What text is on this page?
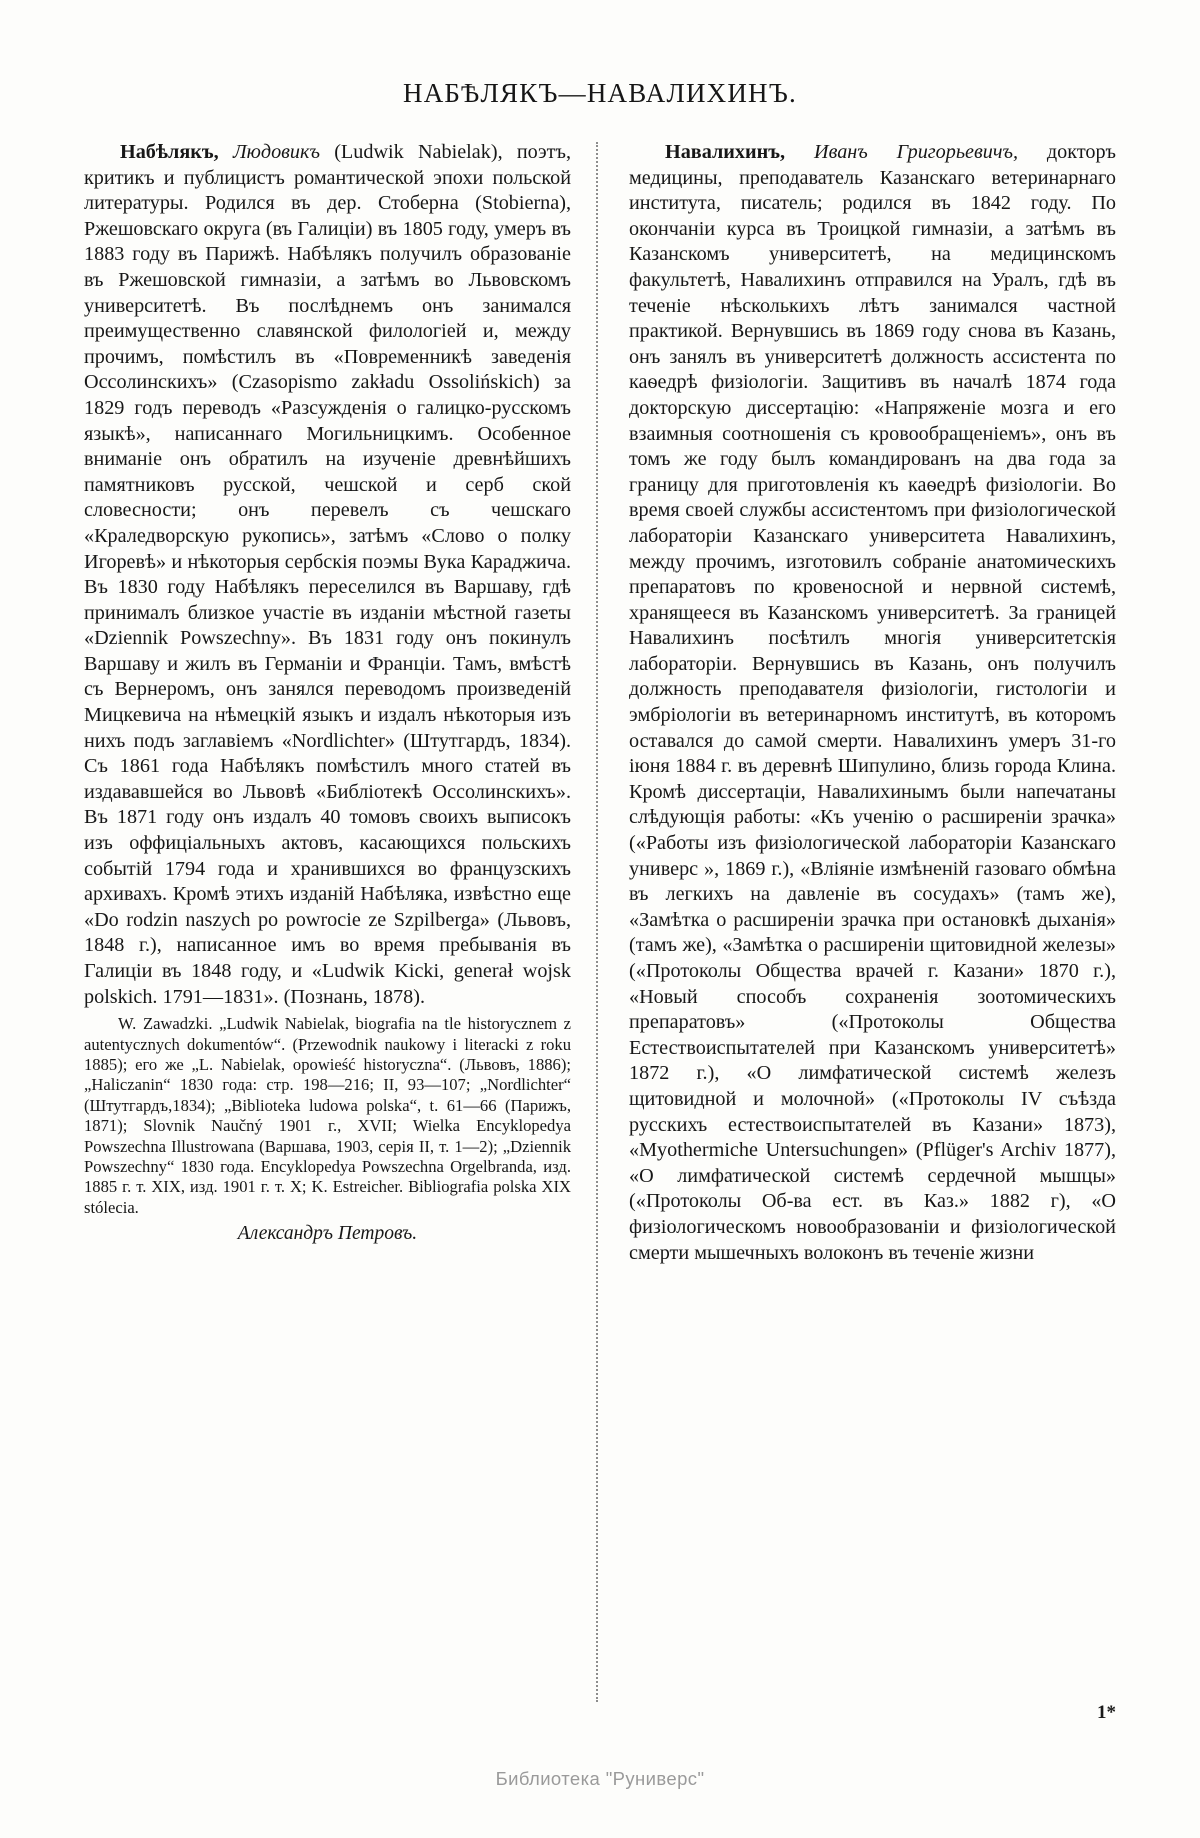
НАБѢЛЯКЪ—НАВАЛИХИНЪ.

Набѣлякъ, Людовикъ (Ludwik Nabielak), поэтъ, критикъ и публицистъ романтической эпохи польской литературы. Родился въ дер. Стоберна (Stobierna), Ржешовскаго округа (въ Галиціи) въ 1805 году, умеръ въ 1883 году въ Парижѣ. Набѣлякъ получилъ образованіе въ Ржешовской гимназіи, а затѣмъ во Львовскомъ университетѣ. Въ послѣднемъ онъ занимался преимущественно славянской филологіей и, между прочимъ, помѣстилъ въ «Повременникѣ заведенія Оссолинскихъ» (Czasopismo zakładu Ossolińskich) за 1829 годъ переводъ «Разсужденія о галицко-русскомъ языкѣ», написаннаго Могильницкимъ. Особенное вниманіе онъ обратилъ на изученіе древнѣйшихъ памятниковъ русской, чешской и серб ской словесности; онъ перевелъ съ чешскаго «Краледворскую рукопись», затѣмъ «Слово о полку Игоревѣ» и нѣкоторыя сербскія поэмы Вука Караджича. Въ 1830 году Набѣлякъ переселился въ Варшаву, гдѣ принималъ близкое участіе въ изданіи мѣстной газеты «Dziennik Powszechny». Въ 1831 году онъ покинулъ Варшаву и жилъ въ Германіи и Франціи. Тамъ, вмѣстѣ съ Вернеромъ, онъ занялся переводомъ произведеній Мицкевича на нѣмецкій языкъ и издалъ нѣкоторыя изъ нихъ подъ заглавіемъ «Nordlichter» (Штутгардъ, 1834). Съ 1861 года Набѣлякъ помѣстилъ много статей въ издававшейся во Львовѣ «Библіотекѣ Оссолинскихъ». Въ 1871 году онъ издалъ 40 томовъ своихъ выписокъ изъ оффиціальныхъ актовъ, касающихся польскихъ событій 1794 года и хранившихся во французскихъ архивахъ. Кромѣ этихъ изданій Набѣляка, извѣстно еще «Do rodzin naszych po powrocie ze Szpilberga» (Львовъ, 1848 г.), написанное имъ во время пребыванія въ Галиціи въ 1848 году, и «Ludwik Kicki, generał wojsk polskich. 1791—1831». (Познань, 1878).

W. Zawadzki. „Ludwik Nabielak, biografia na tle historycznem z autentycznych dokumentów“. (Przewodnik naukowy i literacki z roku 1885); его же „L. Nabielak, opowieść historyczna“. (Львовъ, 1886); „Haliczanin“ 1830 года: стр. 198—216; II, 93—107; „Nordlichter“ (Штутгардъ,1834); „Biblioteka ludowa polska“, t. 61—66 (Парижъ, 1871); Slovnik Naučný 1901 г., XVII; Wielka Encyklopedya Powszechna Illustrowana (Варшава, 1903, серія II, т. 1—2); „Dziennik Powszechny“ 1830 года. Encyklopedya Powszechna Orgelbranda, изд. 1885 г. т. XIX, изд. 1901 г. т. X; K. Estreicher. Bibliografia polska XIX stólecia.
Александръ Петровъ.

Навалихинъ, Иванъ Григорьевичъ, докторъ медицины, преподаватель Казанскаго ветеринарнаго института, писатель; родился въ 1842 году. По окончаніи курса въ Троицкой гимназіи, а затѣмъ въ Казанскомъ университетѣ, на медицинскомъ факультетѣ, Навалихинъ отправился на Уралъ, гдѣ въ теченіе нѣсколькихъ лѣтъ занимался частной практикой. Вернувшись въ 1869 году снова въ Казань, онъ занялъ въ университетѣ должность ассистента по каѳедрѣ физіологіи. Защитивъ въ началѣ 1874 года докторскую диссертацію: «Напряженіе мозга и его взаимныя соотношенія съ кровообращеніемъ», онъ въ томъ же году былъ командированъ на два года за границу для приготовленія къ каѳедрѣ физіологіи. Во время своей службы ассистентомъ при физіологической лабораторіи Казанскаго университета Навалихинъ, между прочимъ, изготовилъ собраніе анатомическихъ препаратовъ по кровеносной и нервной системѣ, хранящееся въ Казанскомъ университетѣ. За границей Навалихинъ посѣтилъ многія университетскія лабораторіи. Вернувшись въ Казань, онъ получилъ должность преподавателя физіологіи, гистологіи и эмбріологіи въ ветеринарномъ институтѣ, въ которомъ оставался до самой смерти. Навалихинъ умеръ 31-го іюня 1884 г. въ деревнѣ Шипулино, близь города Клина. Кромѣ диссертаціи, Навалихинымъ были напечатаны слѣдующія работы: «Къ ученію о расширеніи зрачка» («Работы изъ физіологической лабораторіи Казанскаго универс », 1869 г.), «Вліяніе измѣненій газоваго обмѣна въ легкихъ на давленіе въ сосудахъ» (тамъ же), «Замѣтка о расширеніи зрачка при остановкѣ дыханія» (тамъ же), «Замѣтка о расширеніи щитовидной железы» («Протоколы Общества врачей г. Казани» 1870 г.), «Новый способъ сохраненія зоотомическихъ препаратовъ» («Протоколы Общества Естествоиспытателей при Казанскомъ университетѣ» 1872 г.), «О лимфатической системѣ железъ щитовидной и молочной» («Протоколы IV съѣзда русскихъ естествоиспытателей въ Казани» 1873), «Myothermiche Untersuchungen» (Pflüger's Archiv 1877), «О лимфатической системѣ сердечной мышцы» («Протоколы Об-ва ест. въ Каз.» 1882 г), «О физіологическомъ новообразованіи и физіологической смерти мышечныхъ волоконъ въ теченіе жизни

1*
Библиотека "Руниверс"
